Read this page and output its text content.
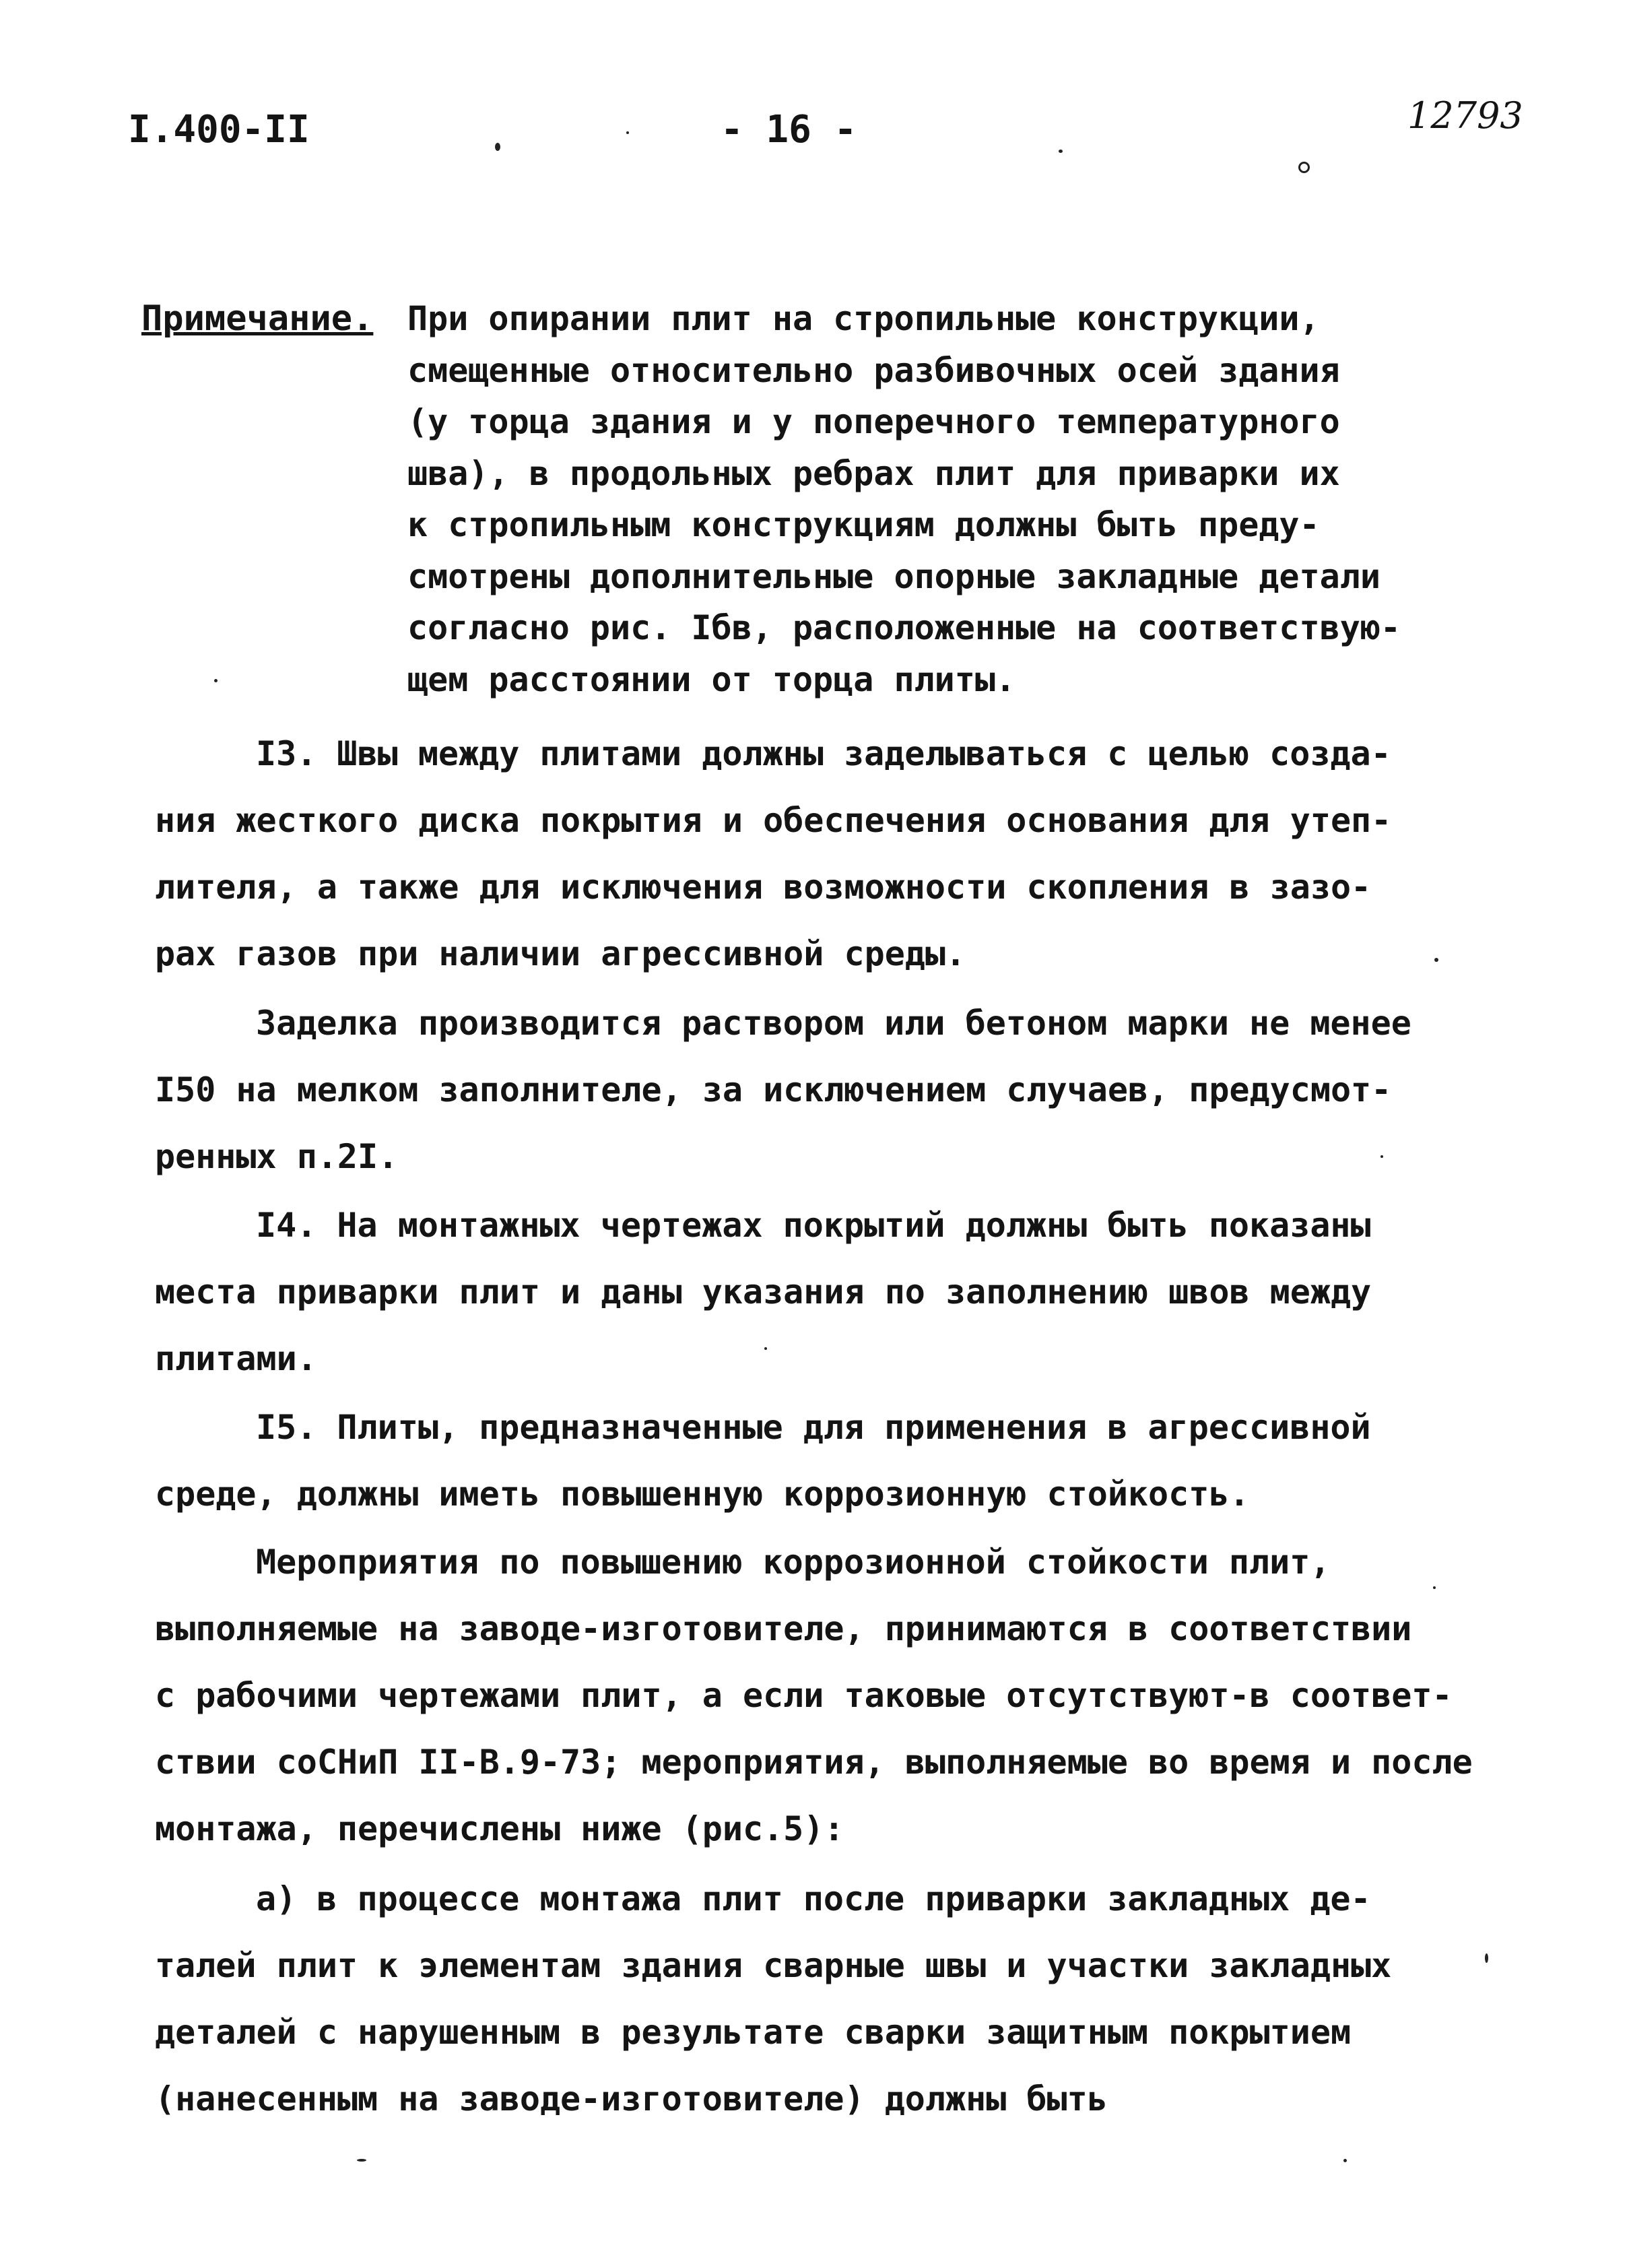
I.400-II	- 16 -	12793
Примечание. При опирании плит на стропильные конструкции,
смещенные относительно разбивочных осей здания
(у торца здания и у поперечного температурного
шва), в продольных ребрах плит для приварки их
к стропильным конструкциям должны быть преду-
смотрены дополнительные опорные закладные детали
согласно рис. Iбв, расположенные на соответствую-
щем расстоянии от торца плиты.
I3. Швы между плитами должны заделываться с целью созда-
ния жесткого диска покрытия и обеспечения основания для утеп-
лителя, а также для исключения возможности скопления в зазо-
рах газов при наличии агрессивной среды.
Заделка производится раствором или бетоном марки не менее
I50 на мелком заполнителе, за исключением случаев, предусмот-
ренных п.2I.
I4. На монтажных чертежах покрытий должны быть показаны
места приварки плит и даны указания по заполнению швов между
плитами.
I5. Плиты, предназначенные для применения в агрессивной
среде, должны иметь повышенную коррозионную стойкость.
Мероприятия по повышению коррозионной стойкости плит,
выполняемые на заводе-изготовителе, принимаются в соответствии
с рабочими чертежами плит, а если таковые отсутствуют-в соответ-
ствии соСНиП II-В.9-73; мероприятия, выполняемые во время и после
монтажа, перечислены ниже (рис.5):
а) в процессе монтажа плит после приварки закладных де-
талей плит к элементам здания сварные швы и участки закладных
деталей с нарушенным в результате сварки защитным покрытием
(нанесенным на заводе-изготовителе) должны быть
